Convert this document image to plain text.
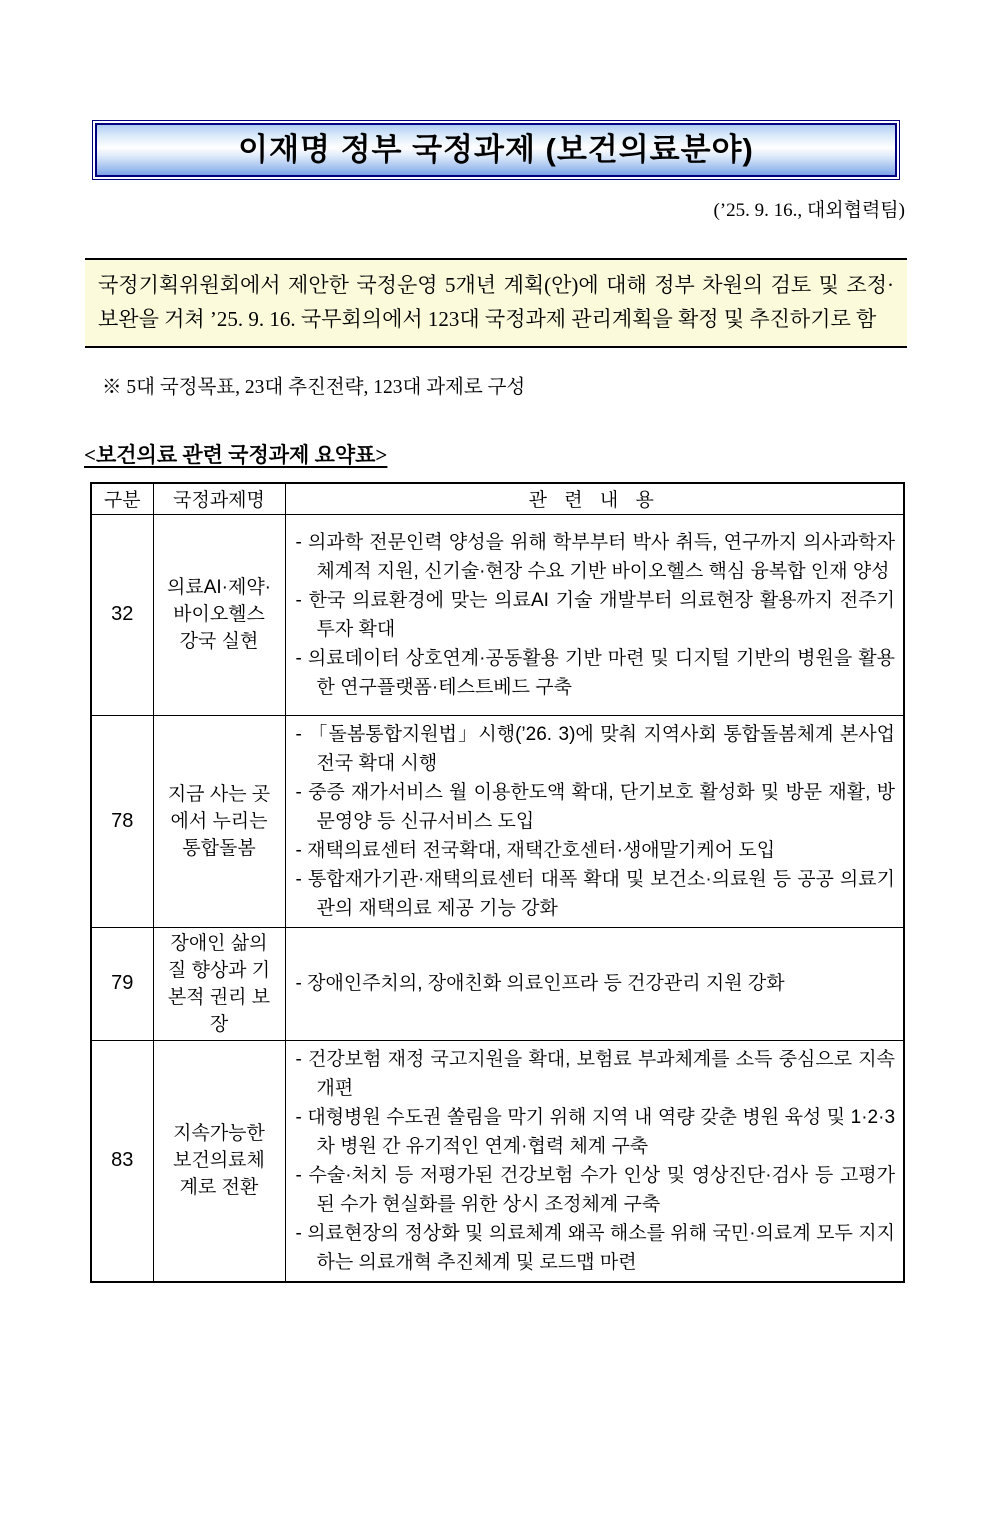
이재명 정부 국정과제 (보건의료분야)
(’25. 9. 16., 대외협력팀)
국정기획위원회에서 제안한 국정운영 5개년 계획(안)에 대해 정부 차원의 검토 및 조정·보완을 거쳐 ’25. 9. 16. 국무회의에서 123대 국정과제 관리계획을 확정 및 추진하기로 함
※ 5대 국정목표, 23대 추진전략, 123대 과제로 구성
<보건의료 관련 국정과제 요약표>
구분	국정과제명	관 련 내 용
32	의료AI·제약·바이오헬스 강국 실현	- 의과학 전문인력 양성을 위해 학부부터 박사 취득, 연구까지 의사과학자 체계적 지원, 신기술·현장 수요 기반 바이오헬스 핵심 융복합 인재 양성
- 한국 의료환경에 맞는 의료AI 기술 개발부터 의료현장 활용까지 전주기 투자 확대
- 의료데이터 상호연계·공동활용 기반 마련 및 디지털 기반의 병원을 활용한 연구플랫폼·테스트베드 구축

78	지금 사는 곳에서 누리는 통합돌봄	- 「돌봄통합지원법」시행(’26. 3)에 맞춰 지역사회 통합돌봄체계 본사업 전국 확대 시행
- 중증 재가서비스 월 이용한도액 확대, 단기보호 활성화 및 방문 재활, 방문영양 등 신규서비스 도입
- 재택의료센터 전국확대, 재택간호센터·생애말기케어 도입
- 통합재가기관·재택의료센터 대폭 확대 및 보건소·의료원 등 공공 의료기관의 재택의료 제공 기능 강화

79	장애인 삶의 질 향상과 기본적 권리 보장	- 장애인주치의, 장애친화 의료인프라 등 건강관리 지원 강화

83	지속가능한 보건의료체계로 전환	- 건강보험 재정 국고지원을 확대, 보험료 부과체계를 소득 중심으로 지속 개편
- 대형병원 수도권 쏠림을 막기 위해 지역 내 역량 갖춘 병원 육성 및 1·2·3차 병원 간 유기적인 연계·협력 체계 구축
- 수술·처치 등 저평가된 건강보험 수가 인상 및 영상진단·검사 등 고평가된 수가 현실화를 위한 상시 조정체계 구축
- 의료현장의 정상화 및 의료체계 왜곡 해소를 위해 국민·의료계 모두 지지하는 의료개혁 추진체계 및 로드맵 마련
